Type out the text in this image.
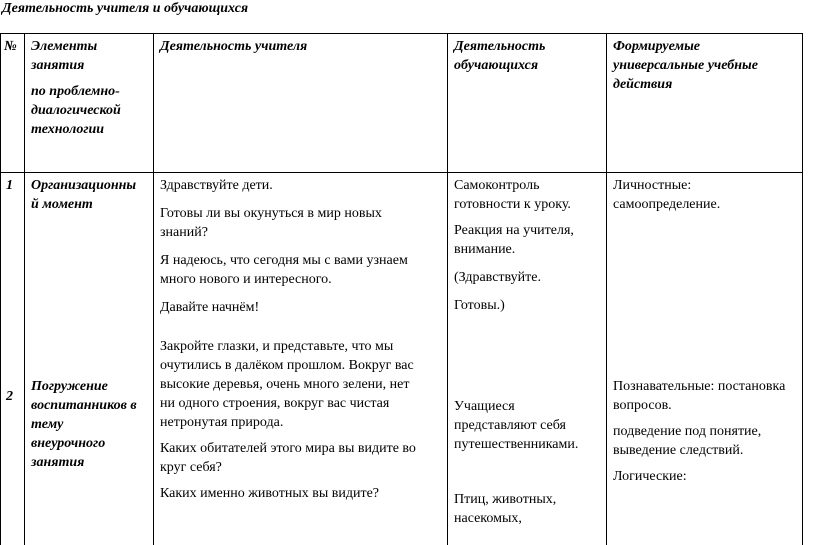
Деятельность учителя и обучающихся

№ Элементы

занятия

по проблемно-

диалогической

технологии

Деятельность учителя	Деятельность

обучающихся

Формируемые

универсальные учебные

действия

1 Организационны

й момент

Здравствуйте дети.

Готовы ли вы окунуться в мир новых

знаний?

Я надеюсь, что сегодня мы с вами узнаем

много нового и интересного.

Давайте начнём!

Самоконтроль

готовности к уроку.

Реакция на учителя,

внимание.

(Здравствуйте.

Готовы.)

Личностные:

самоопределение.

Закройте глазки, и представьте, что мы

очутились в далёком прошлом. Вокруг вас

высокие деревья, очень много зелени, нет

ни одного строения, вокруг вас чистая

нетронутая природа.

Каких обитателей этого мира вы видите во

круг себя?

Каких именно животных вы видите?

2

Погружение

воспитанников в

тему

внеурочного

занятия

Учащиеся

представляют себя

путешественниками.

Птиц, животных,

насекомых,

Познавательные: постановка

вопросов.

подведение под понятие,

выведение следствий.

Логические:
